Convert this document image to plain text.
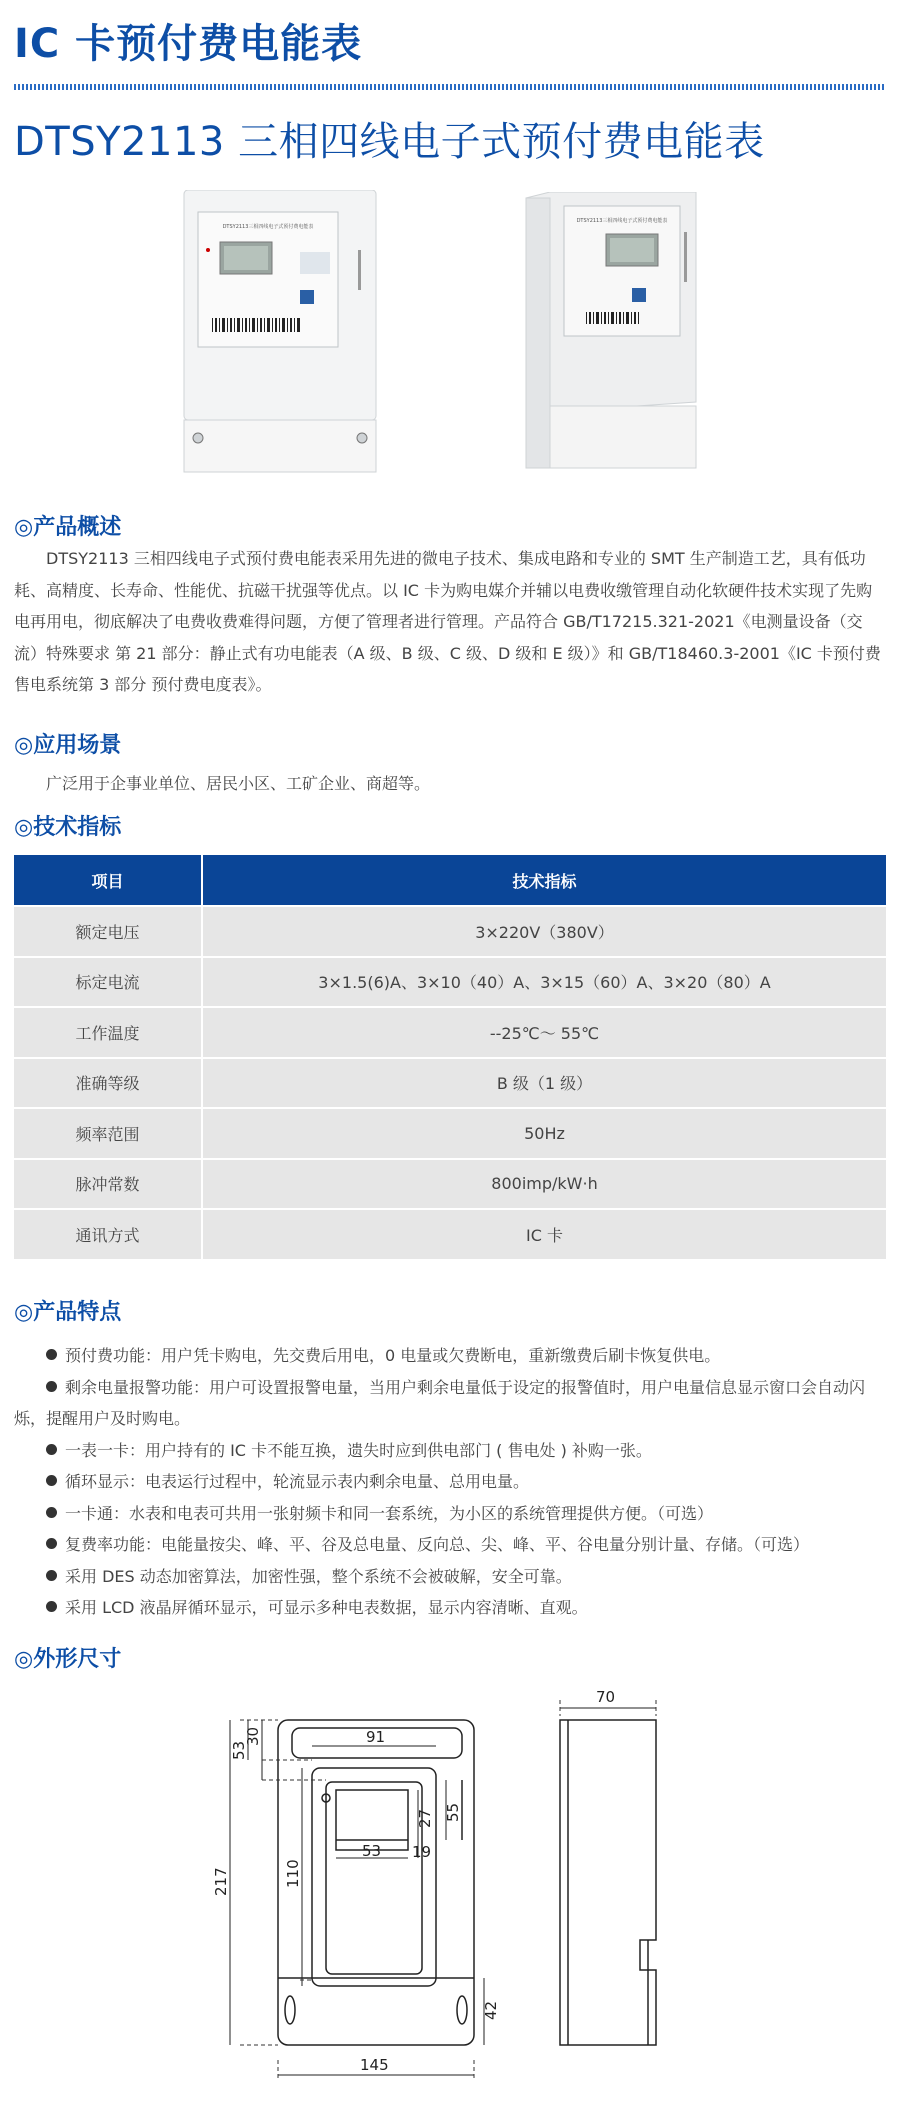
IC 卡预付费电能表
DTSY2113 三相四线电子式预付费电能表
DTSY2113三相四线电子式预付费电能表
DTSY2113三相四线电子式预付费电能表
◎产品概述
DTSY2113 三相四线电子式预付费电能表采用先进的微电子技术、集成电路和专业的 SMT 生产制造工艺，具有低功耗、高精度、长寿命、性能优、抗磁干扰强等优点。以 IC 卡为购电媒介并辅以电费收缴管理自动化软硬件技术实现了先购电再用电，彻底解决了电费收费难得问题，方便了管理者进行管理。产品符合 GB/T17215.321-2021《电测量设备（交流）特殊要求 第 21 部分：静止式有功电能表（A 级、B 级、C 级、D 级和 E 级）》和 GB/T18460.3-2001《IC 卡预付费售电系统第 3 部分 预付费电度表》。
◎应用场景
广泛用于企事业单位、居民小区、工矿企业、商超等。
◎技术指标
项目	技术指标
额定电压	3×220V（380V）
标定电流	3×1.5(6)A、3×10（40）A、3×15（60）A、3×20（80）A
工作温度	--25℃～ 55℃
准确等级	B 级（1 级）
频率范围	50Hz
脉冲常数	800imp/kW·h
通讯方式	IC 卡
◎产品特点
预付费功能：用户凭卡购电，先交费后用电，0 电量或欠费断电，重新缴费后刷卡恢复供电。
剩余电量报警功能：用户可设置报警电量，当用户剩余电量低于设定的报警值时，用户电量信息显示窗口会自动闪烁，提醒用户及时购电。
一表一卡：用户持有的 IC 卡不能互换，遗失时应到供电部门 ( 售电处 ) 补购一张。
循环显示：电表运行过程中，轮流显示表内剩余电量、总用电量。
一卡通：水表和电表可共用一张射频卡和同一套系统，为小区的系统管理提供方便。（可选）
复费率功能：电能量按尖、峰、平、谷及总电量、反向总、尖、峰、平、谷电量分别计量、存储。（可选）
采用 DES 动态加密算法，加密性强，整个系统不会被破解，安全可靠。
采用 LCD 液晶屏循环显示，可显示多种电表数据，显示内容清晰、直观。
◎外形尺寸
70
91
30
53
27 55
110
53 19
217
42
145
